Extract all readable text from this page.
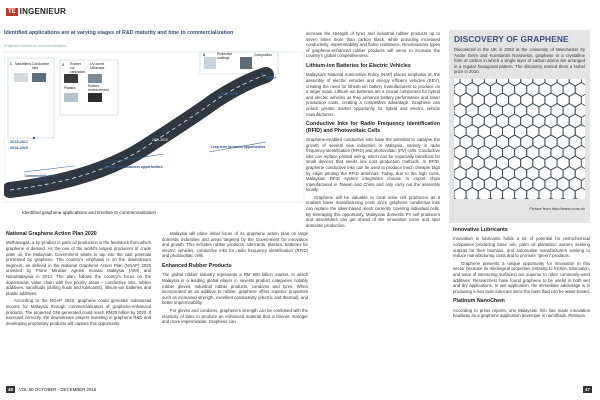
TE INGENIEUR
Identified applications are at varying stages of R&D maturity and time to commercialization
Projected timeline to commercialization
1 Nanofillers Conductive inks
2 Rubber vul-canization
UV-cured Ultracaps
Plastics	Rubber reinforcement
3	Protective coatings
Composites
2015-2017
2018-2020
2021-2025
2025-2030
2030+
Commercially viable projects
Medium term business opportunities
Long term business opportunities
Identified graphene applications and timeline to commercialization
National Graphene Action Plan 2020

Methanegas, a by-product in palm oil production is the feedstock from which graphene is derived. As the one of the world's largest producers of crude palm oil, the Malaysian Government wants to tap into the vast potential presented by graphene. The country's emphasis is on the downstream segment, as defined in the National Graphene Action Plan (NGAP) 2020 unveiled by Prime Minister Agensi Inovasi Malaysia (AIM) and NanoMalaysia in 2014. The plan, follows the country's focus on the downstream value chain with five priority areas – conductive inks, rubber additives, nanofluids (drilling fluids and lubricants), lithium-ion batteries and plastic additives.

According to the NGAP 2020, graphene could generate substantial income for Malaysia through commercialization of graphene-enhanced products. The projected GNI generated could reach RM20 billion by 2020. If executed correctly, the downstream players investing in graphene R&D and developing proprietary products will capture this opportunity.

Malaysia will place initial focus of its graphene action plan on large domestic industries and areas targeted by the Government for innovation and growth. This includes rubber products, lubricants, plastics, batteries for electric vehicles, conductive inks for radio frequency identification (RFID) and photovoltaic cells.

Enhanced Rubber Products

The global rubber industry represents a RM 900 billion market, in which Malaysia is a leading global player in several product categories notably rubber gloves, industrial rubber products, condoms and tyres. When incorporated as an additive to rubber, graphene offers superior properties such as increased strength, excellent conductivity (electric and thermal), and better impermeability.

For gloves and condoms, graphene's strength can be combined with the elasticity of latex to produce an enhanced material that is thinner, stronger and more impermeable. Graphene can

increase the strength of tyres and industrial rubber products up to seven times more than carbon black, while providing increased conductivity, impermeability and flame resistance. Revolutionary types of graphene-enhanced rubber products will serve to increase the country's global competitiveness.

Lithium-ion Batteries for Electric Vehicles

Malaysia's National Automotive Policy (NAP) places emphasis on the assembly of electric vehicles and energy efficient vehicles (EEV), creating the need for lithium-ion battery manufacturers to produce on a larger scale. Lithium-ion batteries are a crucial component for hybrid and electric vehicles as they enhance battery performance and lower production costs, creating a competitive advantage. Graphene can unlock greater market opportunity for hybrid and electric vehicle manufacturers.

Conductive Inks for Radio Frequency Identification (RFID) and Photovoltaic Cells

Graphene-enabled conductive inks have the potential to catalyse the growth of several new industries in Malaysia, namely in radio frequency identification (RFID) and photovoltaic (PV) cells. Conductive inks can replace printed wiring, which can be especially beneficial for small devices that needs low cost production methods. In RFID, graphene conductive inks can be used to produce much cheaper tags by inkjet printing the RFID antennas. Today, due to the high costs, Malaysian RFID system integrators choose to import chips manufactured in Taiwan and China and only carry out the assembly locally.

Graphene will be valuable to local solar cell producers as it enables lower manufacturing costs since graphene conductive inks can replace the silver-based mesh currently covering individual cells. By leveraging this opportunity, Malaysian domestic PV cell producers and assemblers can get ahead of the innovation curve and spur domestic production.

DISCOVERY OF GRAPHENE
Discovered in the UK in 2003 at the University of Manchester by Andre Geim and Konstantin Novoselov, graphene is a crystalline form of carbon in which a single layer of carbon atoms are arranged in a regular hexagonal pattern. The discovery earned them a Nobel prize in 2010.
Picture from http://www.ccaz.uk
Innovative Lubricants

Innovation in lubricants holds a lot of potential for petrochemical companies producing base oils, palm oil plantation owners seeking outputs for their biomass, and automotive manufacturers seeking to reduce manufacturing costs and to promote "green" products.

Graphene presents a unique opportunity for innovation in this sector because its tribological properties (relating to friction, lubrication, and wear of interacting surfaces) are superior to other commonly-used additives. Researchers have found graphene to be useful in both wet and dry applications. In wet application, the immediate advantage is in producing a less toxic lubricant since the base fluid can be water-based.

Platinum NanoChem

According to press reports, one Malaysian firm has made innovation headway as a graphene application developer in nanofluids. Platinum

48	VOL 60 OCTOBER - DECEMBER 2016	47
